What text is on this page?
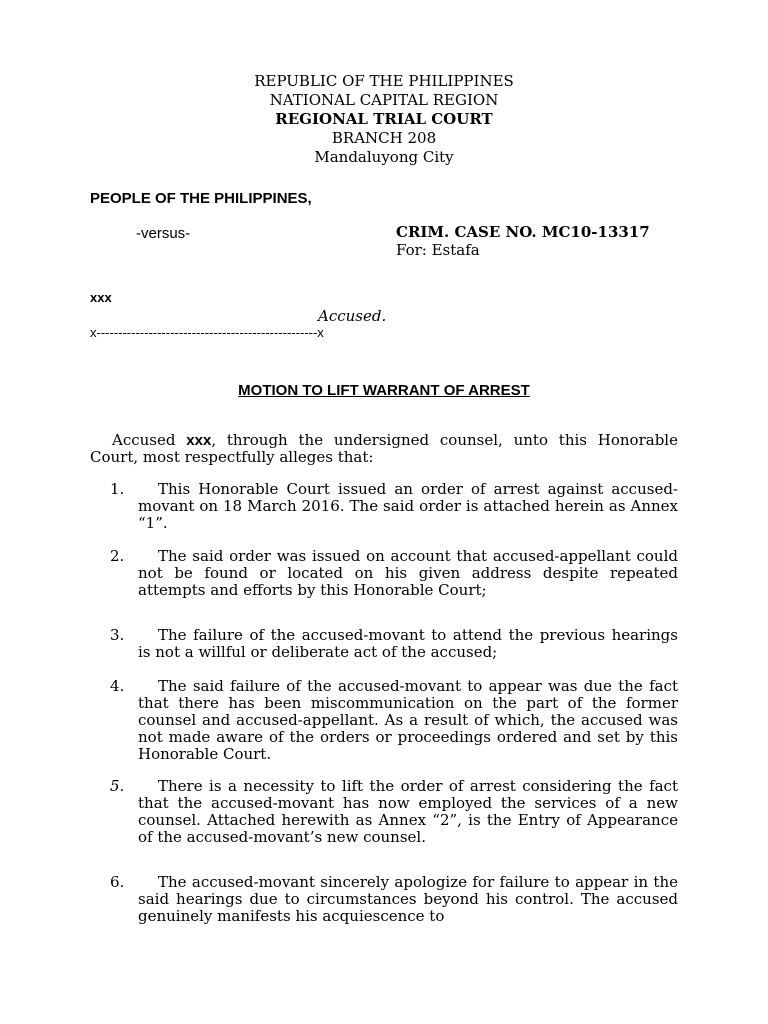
REPUBLIC OF THE PHILIPPINES
NATIONAL CAPITAL REGION
REGIONAL TRIAL COURT
BRANCH 208
Mandaluyong City
PEOPLE OF THE PHILIPPINES,
-versus-	CRIM. CASE NO. MC10-13317
For: Estafa
xxx
Accused.
x---------------------------------------------------x
MOTION TO LIFT WARRANT OF ARREST
Accused xxx, through the undersigned counsel, unto this Honorable Court, most respectfully alleges that:
1.	This Honorable Court issued an order of arrest against accused-movant on 18 March 2016. The said order is attached herein as Annex “1”.
2.	The said order was issued on account that accused-appellant could not be found or located on his given address despite repeated attempts and efforts by this Honorable Court;
3.	The failure of the accused-movant to attend the previous hearings is not a willful or deliberate act of the accused;
4.	The said failure of the accused-movant to appear was due the fact that there has been miscommunication on the part of the former counsel and accused-appellant. As a result of which, the accused was not made aware of the orders or proceedings ordered and set by this Honorable Court.
5.	There is a necessity to lift the order of arrest considering the fact that the accused-movant has now employed the services of a new counsel. Attached herewith as Annex “2”, is the Entry of Appearance of the accused-movant’s new counsel.
6.	The accused-movant sincerely apologize for failure to appear in the said hearings due to circumstances beyond his control. The accused genuinely manifests his acquiescence to
